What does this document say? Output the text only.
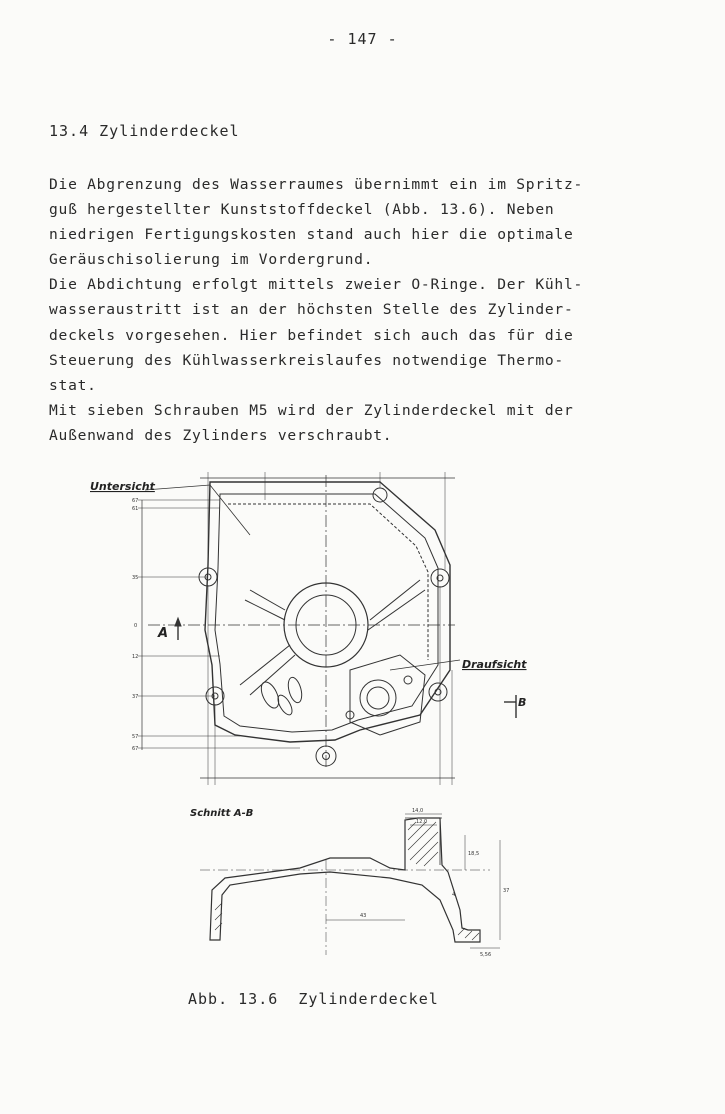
- 147 -
13.4 Zylinderdeckel
Die Abgrenzung des Wasserraumes übernimmt ein im Spritz-
guß hergestellter Kunststoffdeckel (Abb. 13.6). Neben
niedrigen Fertigungskosten stand auch hier die optimale
Geräuschisolierung im Vordergrund.
Die Abdichtung erfolgt mittels zweier O-Ringe. Der Kühl-
wasseraustritt ist an der höchsten Stelle des Zylinder-
deckels vorgesehen. Hier befindet sich auch das für die
Steuerung des Kühlwasserkreislaufes notwendige Thermo-
stat.
Mit sieben Schrauben M5 wird der Zylinderdeckel mit der
Außenwand des Zylinders verschraubt.
Untersicht
Draufsicht
A
B
Schnitt A-B
67
61
35
0
12
37
57
67
14,0
12,0
18,5
43
37
5,56
4
Abb. 13.6  Zylinderdeckel
